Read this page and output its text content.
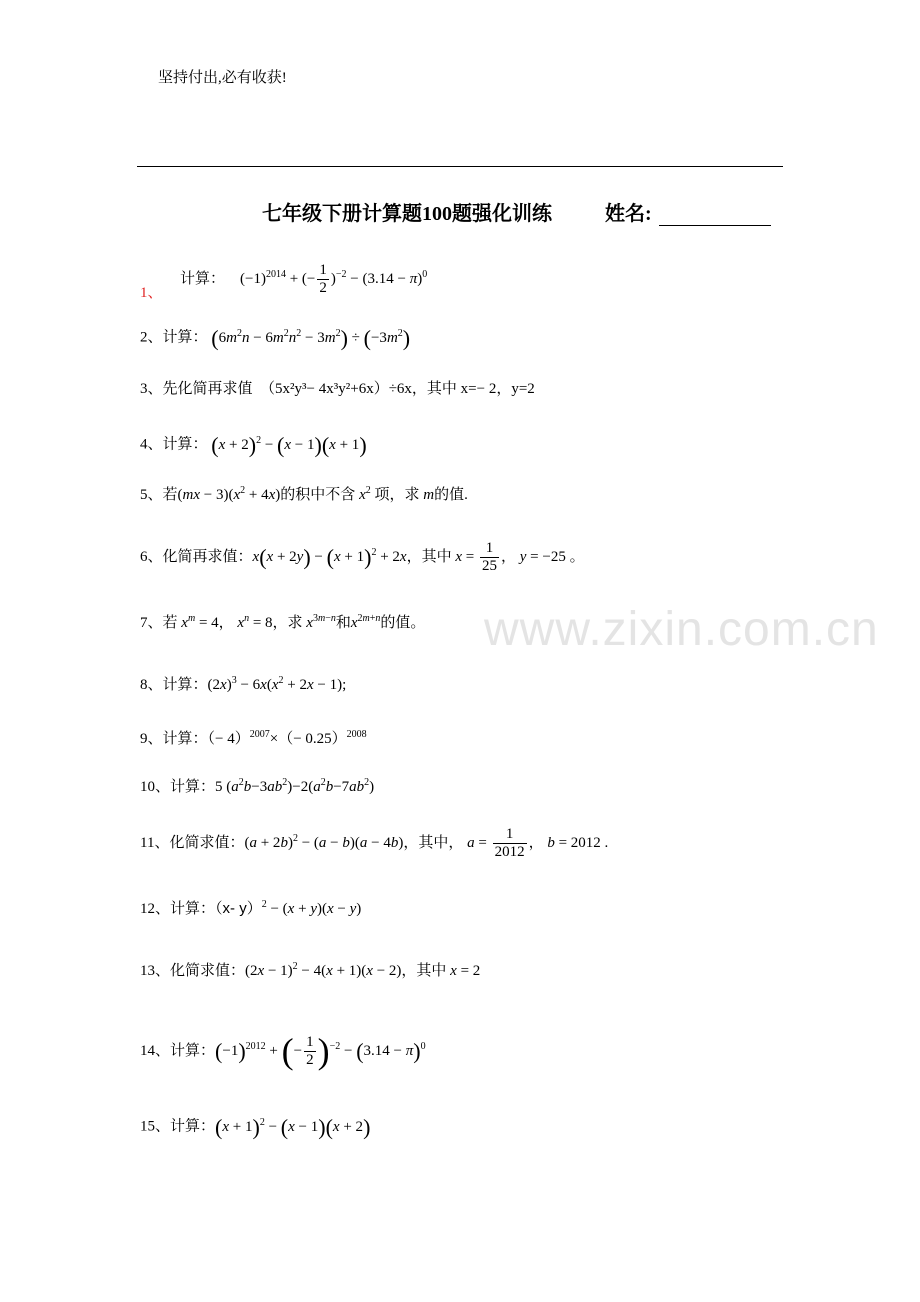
坚持付出,必有收获!
七年级下册计算题100题强化训练	姓名:
www.zixin.com.cn
计算： $(-1)^{2014}$ + (− $\frac{1}{2} )^{-2} - (3.14 - \pi)^0$
1、
2、计算： $(6m^2n - 6m^2n^2 - 3m^2) \div (-3m^2)$
3、先化简再求值 （5x²y³− 4x³y²+6x）÷6x，其中 x=− 2，y=2
4、计算： $(x + 2)^2 - (x - 1)(x + 1)$
5、若$(mx - 3)(x^2 + 4x)$的积中不含 $x^2$ 项，求 m的值.
6、化简再求值：$x(x + 2y) - (x + 1)^2 + 2x$，其中 $x = \frac{1}{25}$ ， y = −25 。
7、若 $x^m = 4$， $x^n = 8$，求 $x^{3m-n}$和$x^{2m+n}$的值。
8、计算：$(2x)^3 - 6x(x^2 + 2x - 1)$;
9、计算：（− $4)^{2007}\times(- 0.25)^{2008}$
10、计算：5 $(a^2b-3ab^2)-2(a^2b-7ab^2)$
11、化简求值：$(a + 2b)^2 - (a - b)(a - 4b)$，其中， $a = \frac{1}{2012}$ ， b = 2012 .
12、计算：（x- y）$^2$ − (x + y)(x − y)
13、化简求值：$(2x - 1)^2 - 4(x + 1)(x - 2)$，其中 x = 2
14、计算：$(-1)^{2012}$ + (− $\frac{1}{2} )^{-2} - (3.14 - \pi)^0$
15、计算：$(x + 1)^2 - (x - 1)(x + 2)$
